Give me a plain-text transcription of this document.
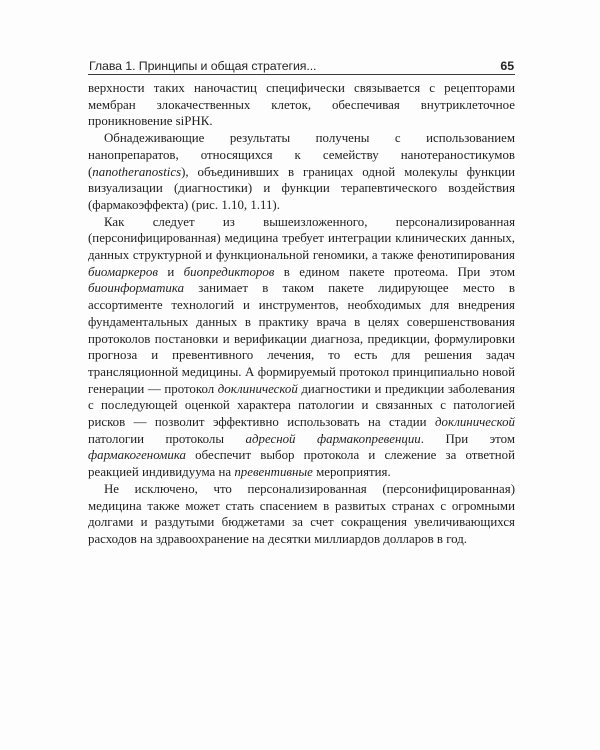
Глава 1. Принципы и общая стратегия...	65

верхности таких наночастиц специфически связывается с рецепторами мембран злокачественных клеток, обеспечивая внутриклеточное проникновение siРНК.

Обнадеживающие результаты получены с использованием нанопрепаратов, относящихся к семейству нанотераностикумов (nanotheranostics), объединивших в границах одной молекулы функции визуализации (диагностики) и функции терапевтического воздействия (фармакоэффекта) (рис. 1.10, 1.11).

Как следует из вышеизложенного, персонализированная (персонифицированная) медицина требует интеграции клинических данных, данных структурной и функциональной геномики, а также фенотипирования биомаркеров и биопредикторов в едином пакете протеома. При этом биоинформатика занимает в таком пакете лидирующее место в ассортименте технологий и инструментов, необходимых для внедрения фундаментальных данных в практику врача в целях совершенствования протоколов постановки и верификации диагноза, предикции, формулировки прогноза и превентивного лечения, то есть для решения задач трансляционной медицины. А формируемый протокол принципиально новой генерации — протокол доклинической диагностики и предикции заболевания с последующей оценкой характера патологии и связанных с патологией рисков — позволит эффективно использовать на стадии доклинической патологии протоколы адресной фармакопревенции. При этом фармакогеномика обеспечит выбор протокола и слежение за ответной реакцией индивидуума на превентивные мероприятия.

Не исключено, что персонализированная (персонифицированная) медицина также может стать спасением в развитых странах с огромными долгами и раздутыми бюджетами за счет сокращения увеличивающихся расходов на здравоохранение на десятки миллиардов долларов в год.
